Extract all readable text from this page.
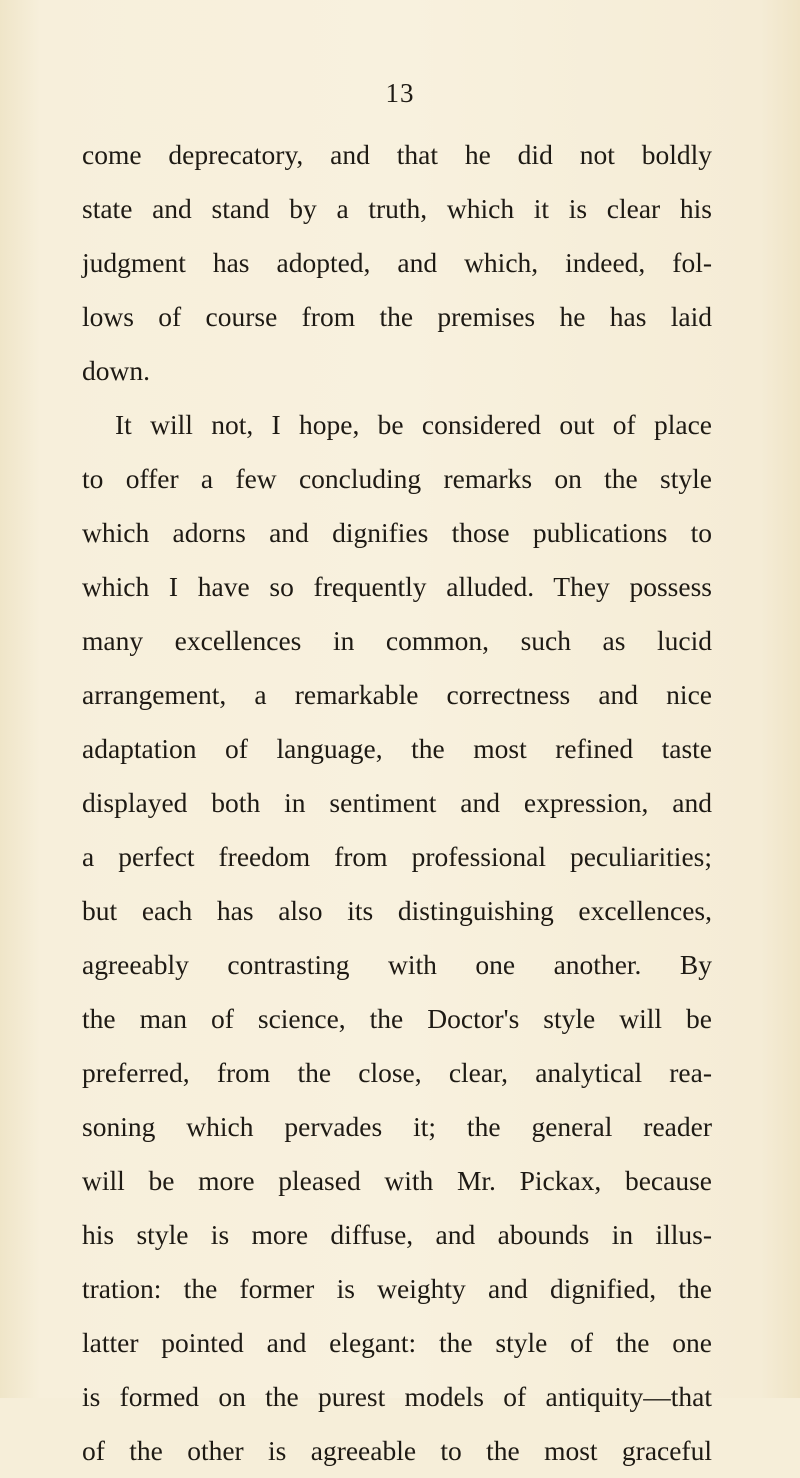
13
come deprecatory, and that he did not boldly
state and stand by a truth, which it is clear his
judgment has adopted, and which, indeed, fol-
lows of course from the premises he has laid
down.
It will not, I hope, be considered out of place
to offer a few concluding remarks on the style
which adorns and dignifies those publications to
which I have so frequently alluded. They possess
many excellences in common, such as lucid
arrangement, a remarkable correctness and nice
adaptation of language, the most refined taste
displayed both in sentiment and expression, and
a perfect freedom from professional peculiarities;
but each has also its distinguishing excellences,
agreeably contrasting with one another. By
the man of science, the Doctor's style will be
preferred, from the close, clear, analytical rea-
soning which pervades it; the general reader
will be more pleased with Mr. Pickax, because
his style is more diffuse, and abounds in illus-
tration: the former is weighty and dignified, the
latter pointed and elegant: the style of the one
is formed on the purest models of antiquity—that
of the other is agreeable to the most graceful
